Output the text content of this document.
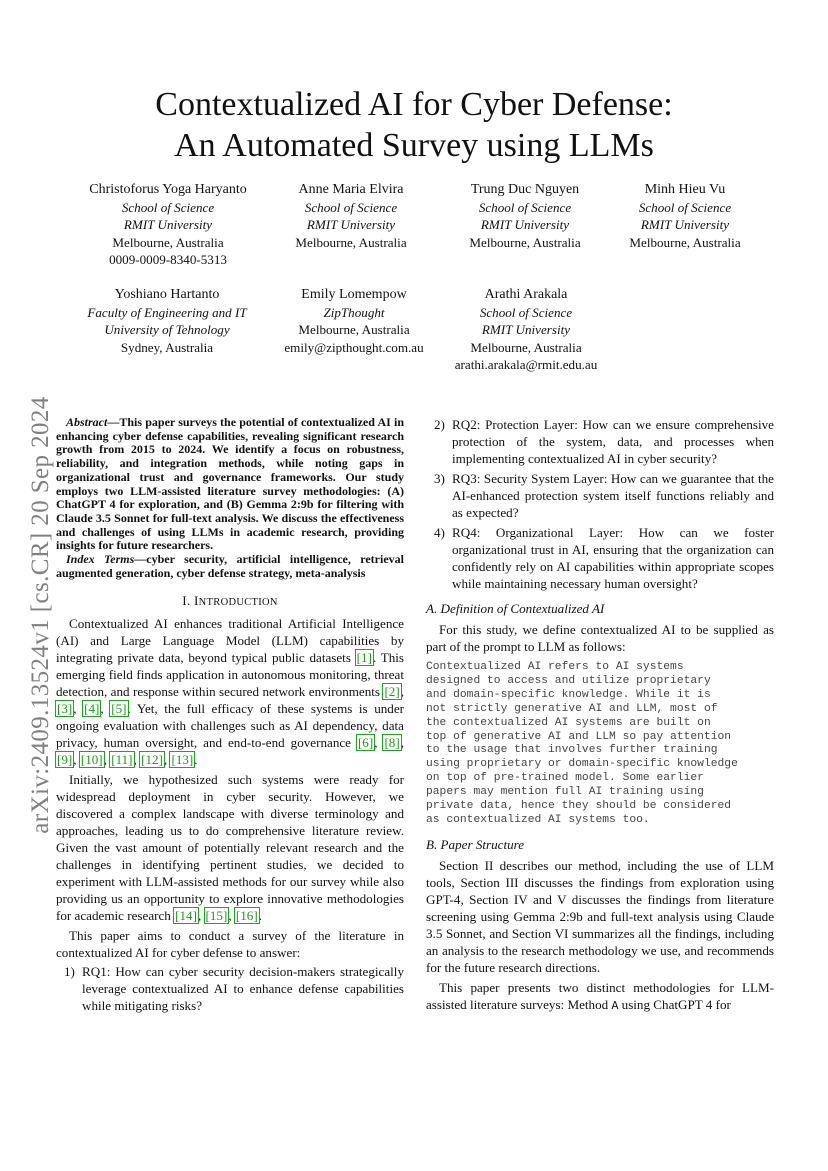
Contextualized AI for Cyber Defense:
An Automated Survey using LLMs
Christoforus Yoga Haryanto
School of Science
RMIT University
Melbourne, Australia
0009-0009-8340-5313
Anne Maria Elvira
School of Science
RMIT University
Melbourne, Australia
Trung Duc Nguyen
School of Science
RMIT University
Melbourne, Australia
Minh Hieu Vu
School of Science
RMIT University
Melbourne, Australia
Yoshiano Hartanto
Faculty of Engineering and IT
University of Tehnology
Sydney, Australia
Emily Lomempow
ZipThought
Melbourne, Australia
emily@zipthought.com.au
Arathi Arakala
School of Science
RMIT University
Melbourne, Australia
arathi.arakala@rmit.edu.au
arXiv:2409.13524v1 [cs.CR] 20 Sep 2024	Abstract—This paper surveys the potential of contextualized AI in enhancing cyber defense capabilities, revealing significant research growth from 2015 to 2024. We identify a focus on robustness, reliability, and integration methods, while noting gaps in organizational trust and governance frameworks. Our study employs two LLM-assisted literature survey methodologies: (A) ChatGPT 4 for exploration, and (B) Gemma 2:9b for filtering with Claude 3.5 Sonnet for full-text analysis. We discuss the effectiveness and challenges of using LLMs in academic research, providing insights for future researchers.

Index Terms—cyber security, artificial intelligence, retrieval augmented generation, cyber defense strategy, meta-analysis

I. INTRODUCTION

Contextualized AI enhances traditional Artificial Intelligence (AI) and Large Language Model (LLM) capabilities by integrating private data, beyond typical public datasets [1]. This emerging field finds application in autonomous monitoring, threat detection, and response within secured network environments [2], [3], [4], [5]. Yet, the full efficacy of these systems is under ongoing evaluation with challenges such as AI dependency, data privacy, human oversight, and end-to-end governance [6], [8], [9], [10], [11], [12], [13].

Initially, we hypothesized such systems were ready for widespread deployment in cyber security. However, we discovered a complex landscape with diverse terminology and approaches, leading us to do comprehensive literature review. Given the vast amount of potentially relevant research and the challenges in identifying pertinent studies, we decided to experiment with LLM-assisted methods for our survey while also providing us an opportunity to explore innovative methodologies for academic research [14], [15], [16].

This paper aims to conduct a survey of the literature in contextualized AI for cyber defense to answer:

1) RQ1: How can cyber security decision-makers strategically leverage contextualized AI to enhance defense capabilities while mitigating risks?
2) RQ2: Protection Layer: How can we ensure comprehensive protection of the system, data, and processes when implementing contextualized AI in cyber security?
3) RQ3: Security System Layer: How can we guarantee that the AI-enhanced protection system itself functions reliably and as expected?
4) RQ4: Organizational Layer: How can we foster organizational trust in AI, ensuring that the organization can confidently rely on AI capabilities within appropriate scopes while maintaining necessary human oversight?
A. Definition of Contextualized AI

For this study, we define contextualized AI to be supplied as part of the prompt to LLM as follows:

Contextualized AI refers to AI systems
designed to access and utilize proprietary
and domain-specific knowledge. While it is
not strictly generative AI and LLM, most of
the contextualized AI systems are built on
top of generative AI and LLM so pay attention
to the usage that involves further training
using proprietary or domain-specific knowledge
on top of pre-trained model. Some earlier
papers may mention full AI training using
private data, hence they should be considered
as contextualized AI systems too.
B. Paper Structure

Section II describes our method, including the use of LLM tools, Section III discusses the findings from exploration using GPT-4, Section IV and V discusses the findings from literature screening using Gemma 2:9b and full-text analysis using Claude 3.5 Sonnet, and Section VI summarizes all the findings, including an analysis to the research methodology we use, and recommends for the future research directions.

This paper presents two distinct methodologies for LLM-assisted literature surveys: Method A using ChatGPT 4 for
